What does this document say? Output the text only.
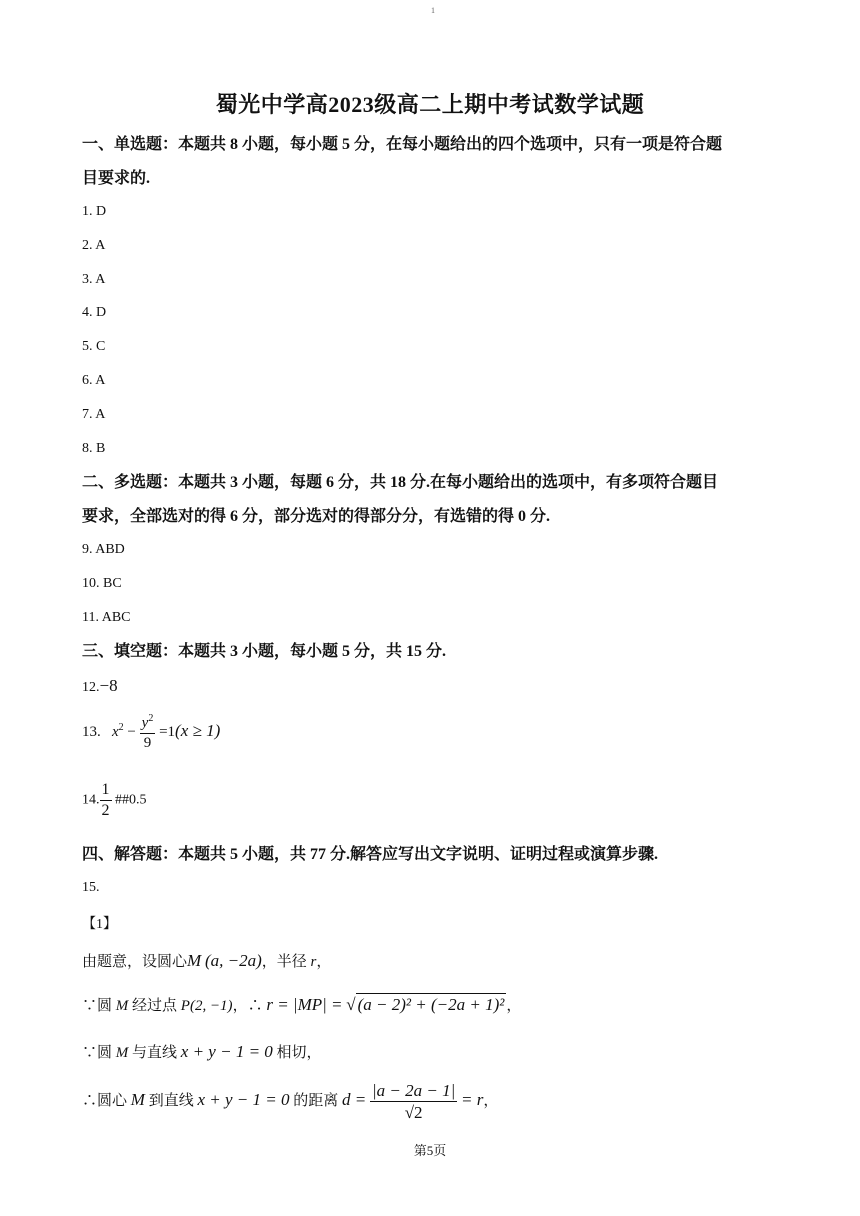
1
蜀光中学高2023级高二上期中考试数学试题
一、单选题：本题共 8 小题，每小题 5 分，在每小题给出的四个选项中，只有一项是符合题
目要求的.
1. D
2. A
3. A
4. D
5. C
6. A
7. A
8. B
二、多选题：本题共 3 小题，每题 6 分，共 18 分.在每小题给出的选项中，有多项符合题目
要求，全部选对的得 6 分，部分选对的得部分分，有选错的得 0 分.
9. ABD
10. BC
11. ABC
三、填空题：本题共 3 小题，每小题 5 分，共 15 分.
12.−8
13. $x^2 - \frac{y^2}{9} =1(x \ge 1)$
14. $\frac{1}{2}$ ##0.5
四、解答题：本题共 5 小题，共 77 分.解答应写出文字说明、证明过程或演算步骤.
15.
【1】
由题意，设圆心M (a, −2a)，半径 r，
∵圆 M 经过点 P(2, −1)，∴ r = |MP| = √ (a − 2)² + (−2a + 1)² ，
∵圆 M 与直线 x + y − 1 = 0 相切，
∴圆心 M 到直线 x + y − 1 = 0 的距离 $d = \frac{|a - 2a - 1|}{√2} = r$，
第5页
